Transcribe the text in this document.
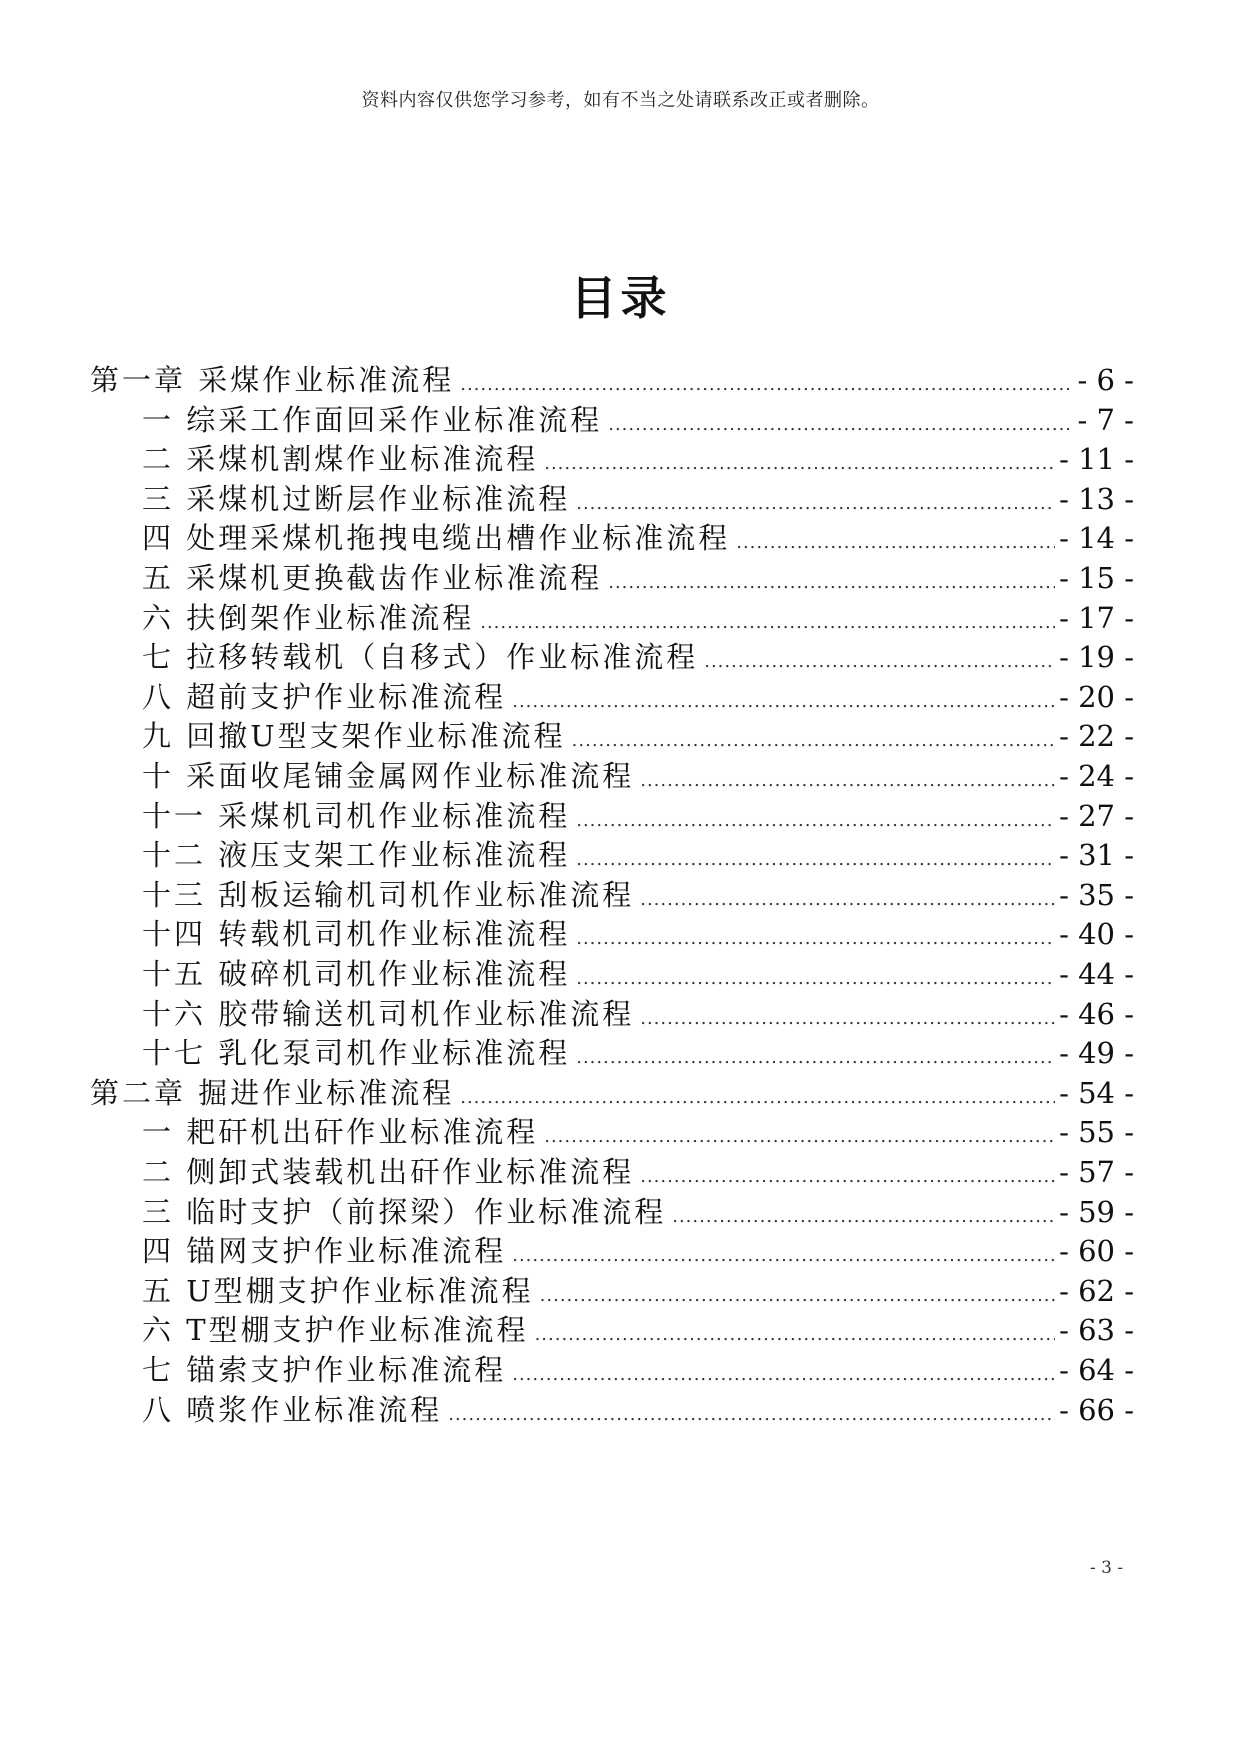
资料内容仅供您学习参考，如有不当之处请联系改正或者删除。
目录
第一章 采煤作业标准流程 .....	- 6 -
一 综采工作面回采作业标准流程 .....	- 7 -
二 采煤机割煤作业标准流程 .....	- 11 -
三 采煤机过断层作业标准流程 .....	- 13 -
四 处理采煤机拖拽电缆出槽作业标准流程 .....	- 14 -
五 采煤机更换截齿作业标准流程 .....	- 15 -
六 扶倒架作业标准流程 .....	- 17 -
七 拉移转载机（自移式）作业标准流程 .....	- 19 -
八 超前支护作业标准流程 .....	- 20 -
九 回撤U型支架作业标准流程 .....	- 22 -
十 采面收尾铺金属网作业标准流程 .....	- 24 -
十一 采煤机司机作业标准流程 .....	- 27 -
十二 液压支架工作业标准流程 .....	- 31 -
十三 刮板运输机司机作业标准流程 .....	- 35 -
十四 转载机司机作业标准流程 .....	- 40 -
十五 破碎机司机作业标准流程 .....	- 44 -
十六 胶带输送机司机作业标准流程 .....	- 46 -
十七 乳化泵司机作业标准流程 .....	- 49 -
第二章 掘进作业标准流程 .....	- 54 -
一 耙矸机出矸作业标准流程 .....	- 55 -
二 侧卸式装载机出矸作业标准流程 .....	- 57 -
三 临时支护（前探梁）作业标准流程 .....	- 59 -
四 锚网支护作业标准流程 .....	- 60 -
五 U型棚支护作业标准流程 .....	- 62 -
六 T型棚支护作业标准流程 .....	- 63 -
七 锚索支护作业标准流程 .....	- 64 -
八 喷浆作业标准流程 .....	- 66 -
- 3 -
